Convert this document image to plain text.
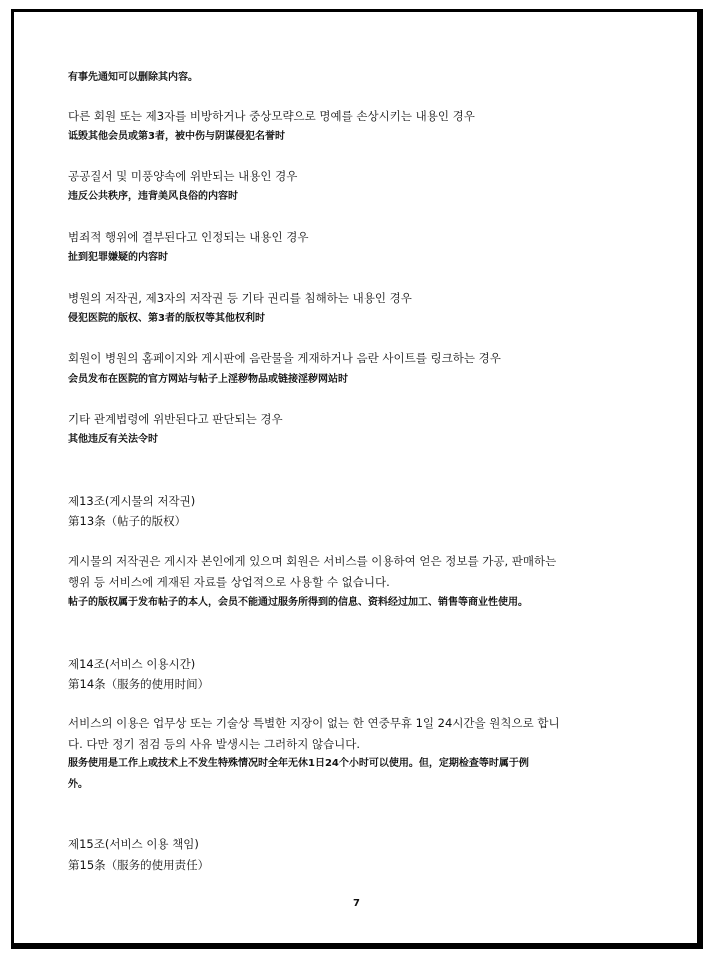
有事先通知可以删除其内容。
다른 회원 또는 제3자를 비방하거나 중상모략으로 명예를 손상시키는 내용인 경우
诋毁其他会员或第3者，被中伤与阴谋侵犯名誉时
공공질서 및 미풍양속에 위반되는 내용인 경우
违反公共秩序，违背美风良俗的内容时
범죄적 행위에 결부된다고 인정되는 내용인 경우
扯到犯罪嫌疑的内容时
병원의 저작권, 제3자의 저작권 등 기타 권리를 침해하는 내용인 경우
侵犯医院的版权、第3者的版权等其他权利时
회원이 병원의 홈페이지와 게시판에 음란물을 게재하거나 음란 사이트를 링크하는 경우
会员发布在医院的官方网站与帖子上淫秽物品或链接淫秽网站时
기타 관계법령에 위반된다고 판단되는 경우
其他违反有关法令时
제13조(게시물의 저작권)
第13条（帖子的版权）
게시물의 저작권은 게시자 본인에게 있으며 회원은 서비스를 이용하여 얻은 정보를 가공, 판매하는
행위 등 서비스에 게재된 자료를 상업적으로 사용할 수 없습니다.
帖子的版权属于发布帖子的本人，会员不能通过服务所得到的信息、资料经过加工、销售等商业性使用。
제14조(서비스 이용시간)
第14条（服务的使用时间）
서비스의 이용은 업무상 또는 기술상 특별한 지장이 없는 한 연중무휴 1일 24시간을 원칙으로 합니
다. 다만 정기 점검 등의 사유 발생시는 그러하지 않습니다.
服务使用是工作上或技术上不发生特殊情况时全年无休1日24个小时可以使用。但，定期检查等时属于例
外。
제15조(서비스 이용 책임)
第15条（服务的使用责任）
7
